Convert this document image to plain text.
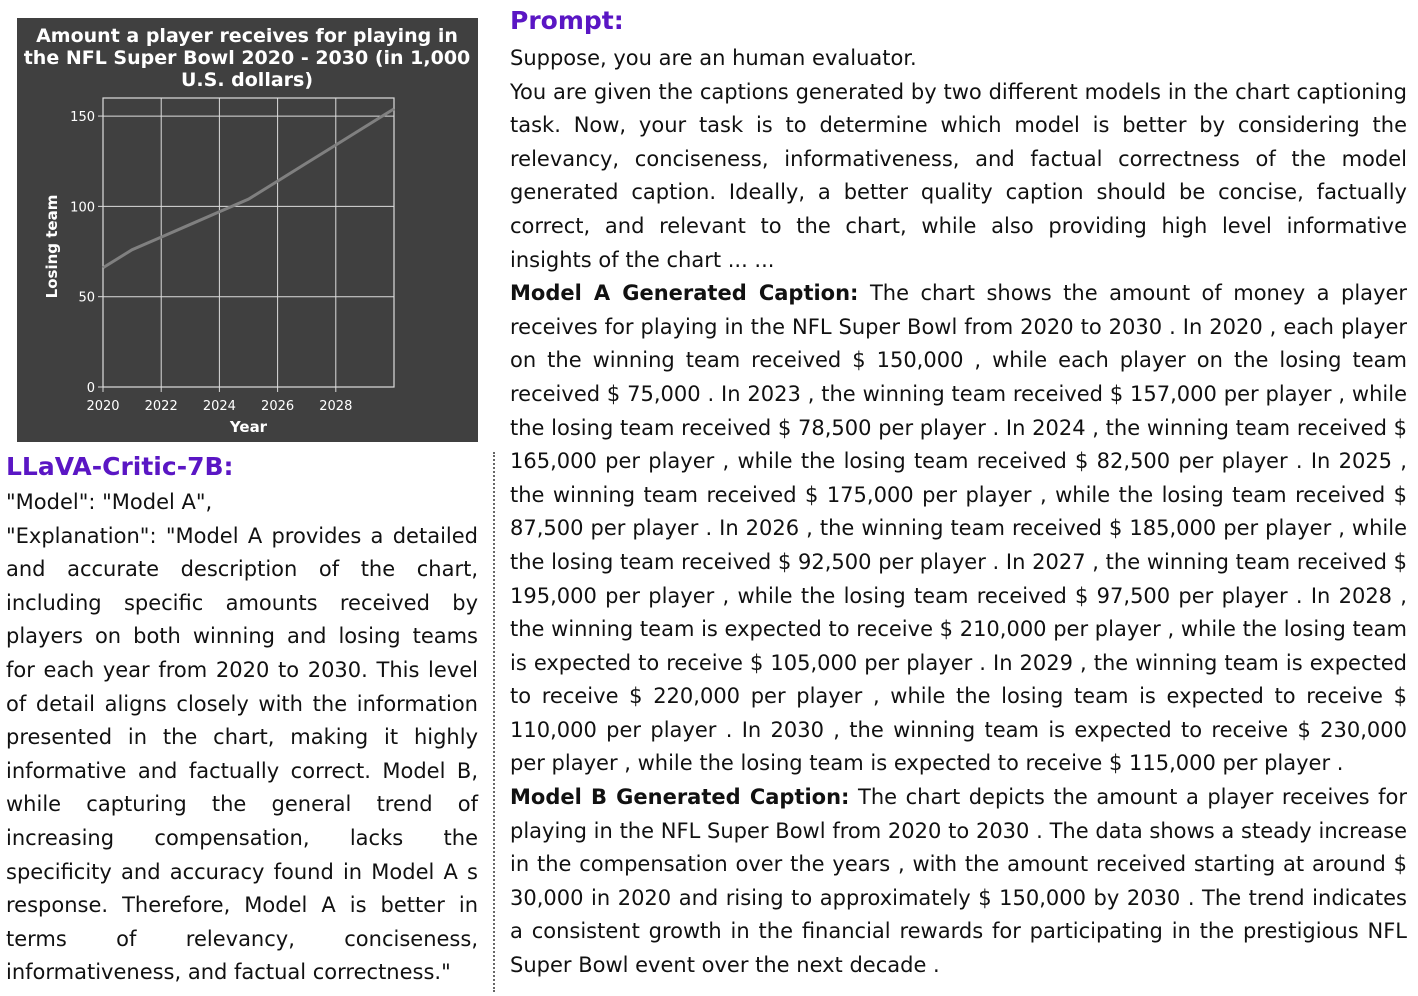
Amount a player receives for playing in
the NFL Super Bowl 2020 - 2030 (in 1,000
U.S. dollars)
2020 2022 2024 2026 2028
0
50
100
150
Year
Losing team
LLaVA-Critic-7B:

"Model": "Model A",

"Explanation": "Model A provides a detailed and accurate description of the chart, including specific amounts received by players on both winning and losing teams for each year from 2020 to 2030. This level of detail aligns closely with the information presented in the chart, making it highly informative and factually correct. Model B, while capturing the general trend of increasing compensation, lacks the specificity and accuracy found in Model A s response. Therefore, Model A is better in terms of relevancy, conciseness, informativeness, and factual correctness."

Prompt:

Suppose, you are an human evaluator.

You are given the captions generated by two different models in the chart captioning task. Now, your task is to determine which model is better by considering the relevancy, conciseness, informativeness, and factual correctness of the model generated caption. Ideally, a better quality caption should be concise, factually correct, and relevant to the chart, while also providing high level informative insights of the chart ... ...

Model A Generated Caption: The chart shows the amount of money a player receives for playing in the NFL Super Bowl from 2020 to 2030 . In 2020 , each player on the winning team received $ 150,000 , while each player on the losing team received $ 75,000 . In 2023 , the winning team received $ 157,000 per player , while the losing team received $ 78,500 per player . In 2024 , the winning team received $ 165,000 per player , while the losing team received $ 82,500 per player . In 2025 , the winning team received $ 175,000 per player , while the losing team received $ 87,500 per player . In 2026 , the winning team received $ 185,000 per player , while the losing team received $ 92,500 per player . In 2027 , the winning team received $ 195,000 per player , while the losing team received $ 97,500 per player . In 2028 , the winning team is expected to receive $ 210,000 per player , while the losing team is expected to receive $ 105,000 per player . In 2029 , the winning team is expected to receive $ 220,000 per player , while the losing team is expected to receive $ 110,000 per player . In 2030 , the winning team is expected to receive $ 230,000 per player , while the losing team is expected to receive $ 115,000 per player .

Model B Generated Caption: The chart depicts the amount a player receives for playing in the NFL Super Bowl from 2020 to 2030 . The data shows a steady increase in the compensation over the years , with the amount received starting at around $ 30,000 in 2020 and rising to approximately $ 150,000 by 2030 . The trend indicates a consistent growth in the financial rewards for participating in the prestigious NFL Super Bowl event over the next decade .
